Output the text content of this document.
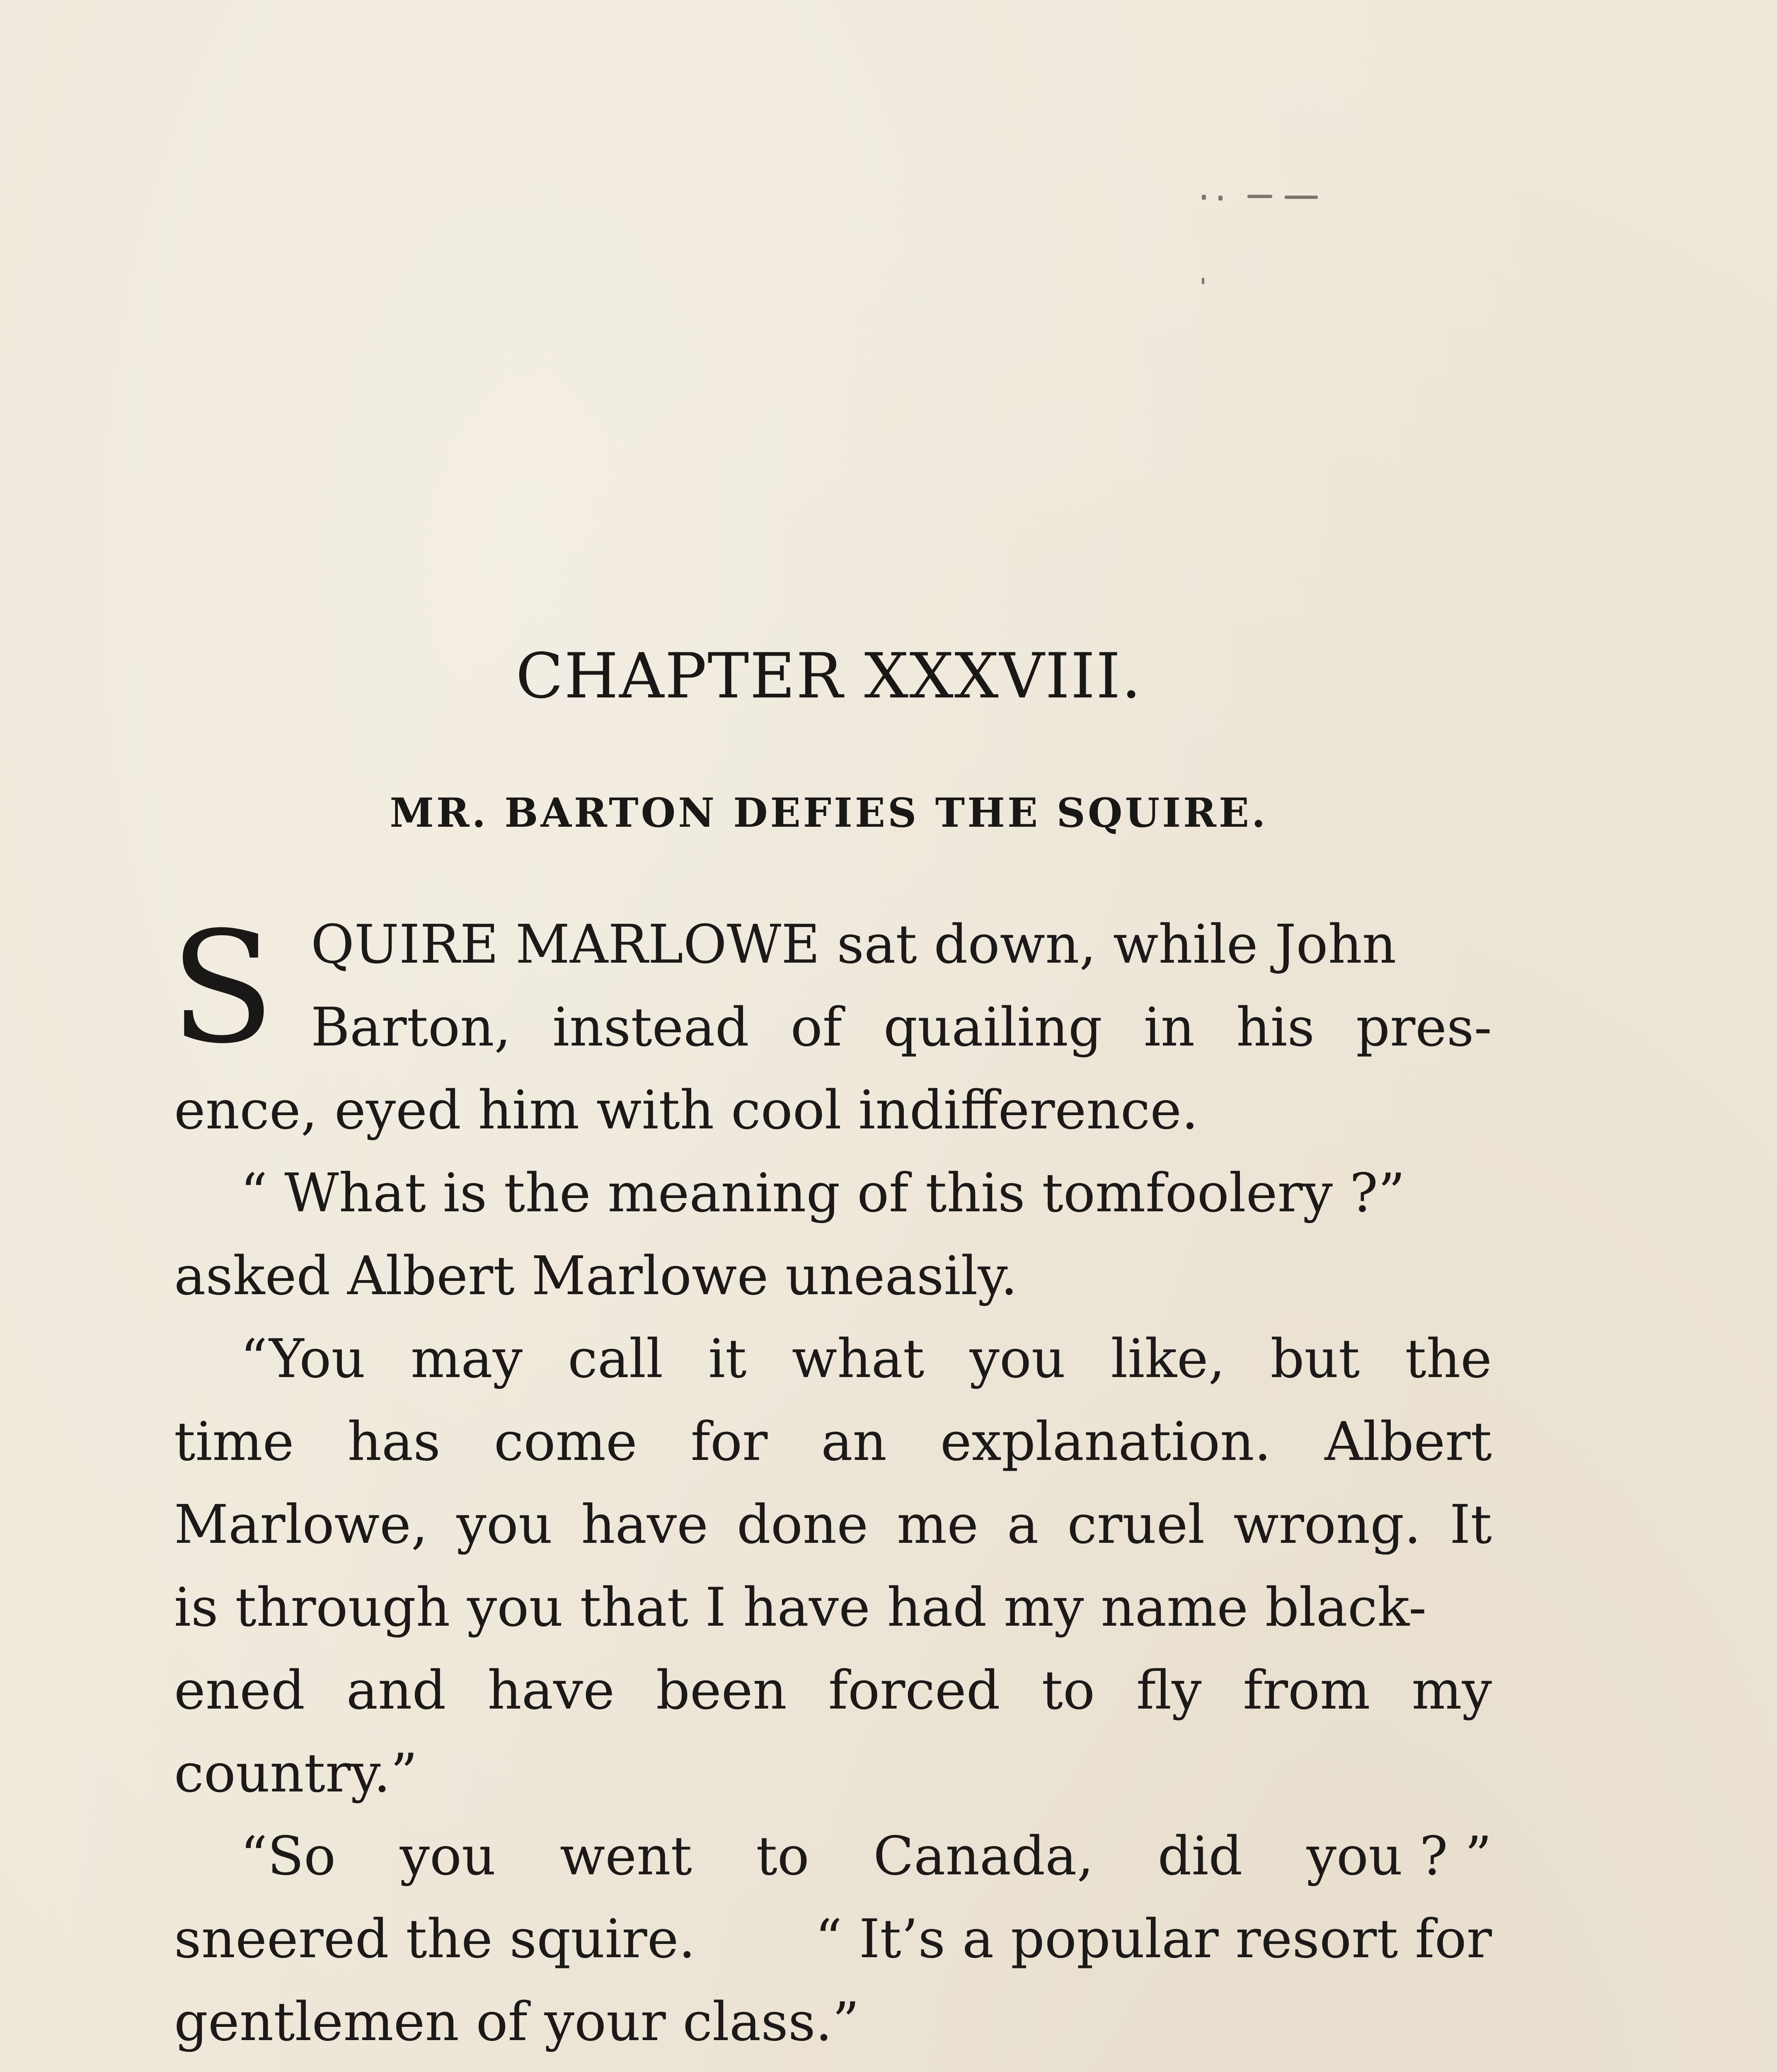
CHAPTER XXXVIII.
MR. BARTON DEFIES THE SQUIRE.
S QUIRE MARLOWE sat down, while John
Barton, instead of quailing in his pres-
ence, eyed him with cool indifference.
“ What is the meaning of this tomfoolery ?”
asked Albert Marlowe uneasily.
“You may call it what you like, but the
time has come for an explanation. Albert
Marlowe, you have done me a cruel wrong. It
is through you that I have had my name black-
ened and have been forced to fly from my
country.”
“So you went to Canada, did you ? ”
sneered the squire. “ It’s a popular resort for
gentlemen of your class.”
